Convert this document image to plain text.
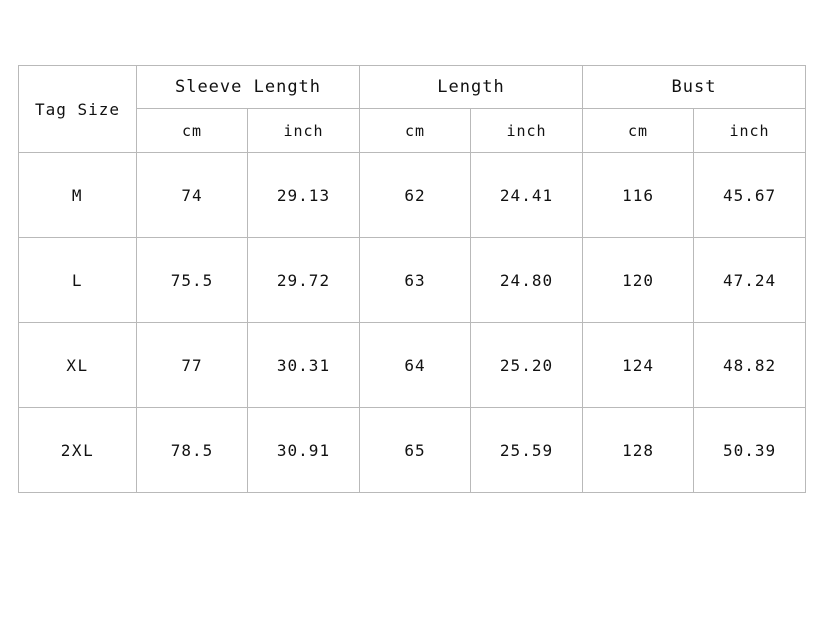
Tag Size	Sleeve Length		Length		Bust	
	cm	inch	cm	inch	cm	inch
M	74	29.13	62	24.41	116	45.67
L	75.5	29.72	63	24.80	120	47.24
XL	77	30.31	64	25.20	124	48.82
2XL	78.5	30.91	65	25.59	128	50.39
